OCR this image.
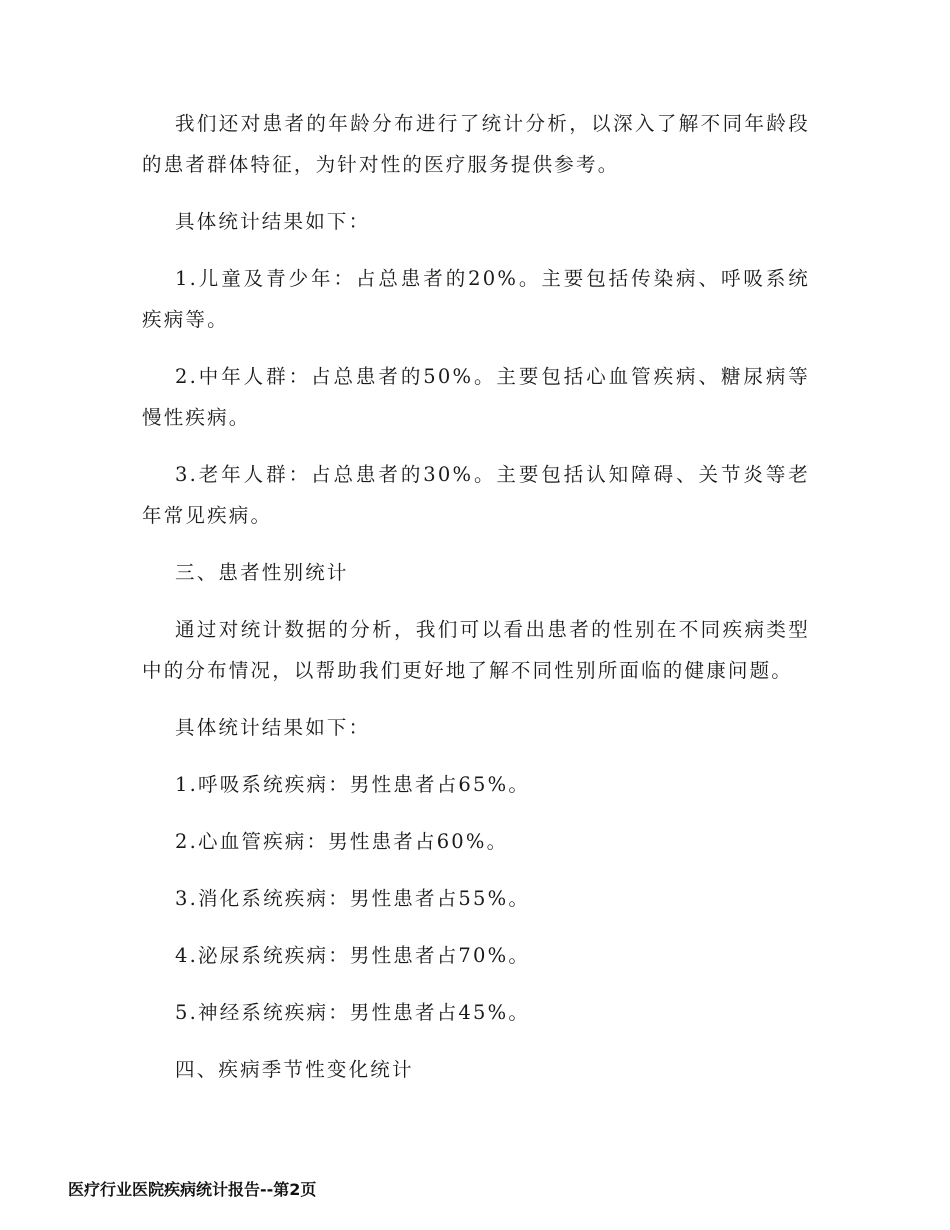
我们还对患者的年龄分布进行了统计分析，以深入了解不同年龄段的患者群体特征，为针对性的医疗服务提供参考。

具体统计结果如下：

1.儿童及青少年：占总患者的20%。主要包括传染病、呼吸系统疾病等。

2.中年人群：占总患者的50%。主要包括心血管疾病、糖尿病等慢性疾病。

3.老年人群：占总患者的30%。主要包括认知障碍、关节炎等老年常见疾病。

三、患者性别统计

通过对统计数据的分析，我们可以看出患者的性别在不同疾病类型中的分布情况，以帮助我们更好地了解不同性别所面临的健康问题。

具体统计结果如下：

1.呼吸系统疾病：男性患者占65%。

2.心血管疾病：男性患者占60%。

3.消化系统疾病：男性患者占55%。

4.泌尿系统疾病：男性患者占70%。

5.神经系统疾病：男性患者占45%。

四、疾病季节性变化统计

医疗行业医院疾病统计报告--第2页
